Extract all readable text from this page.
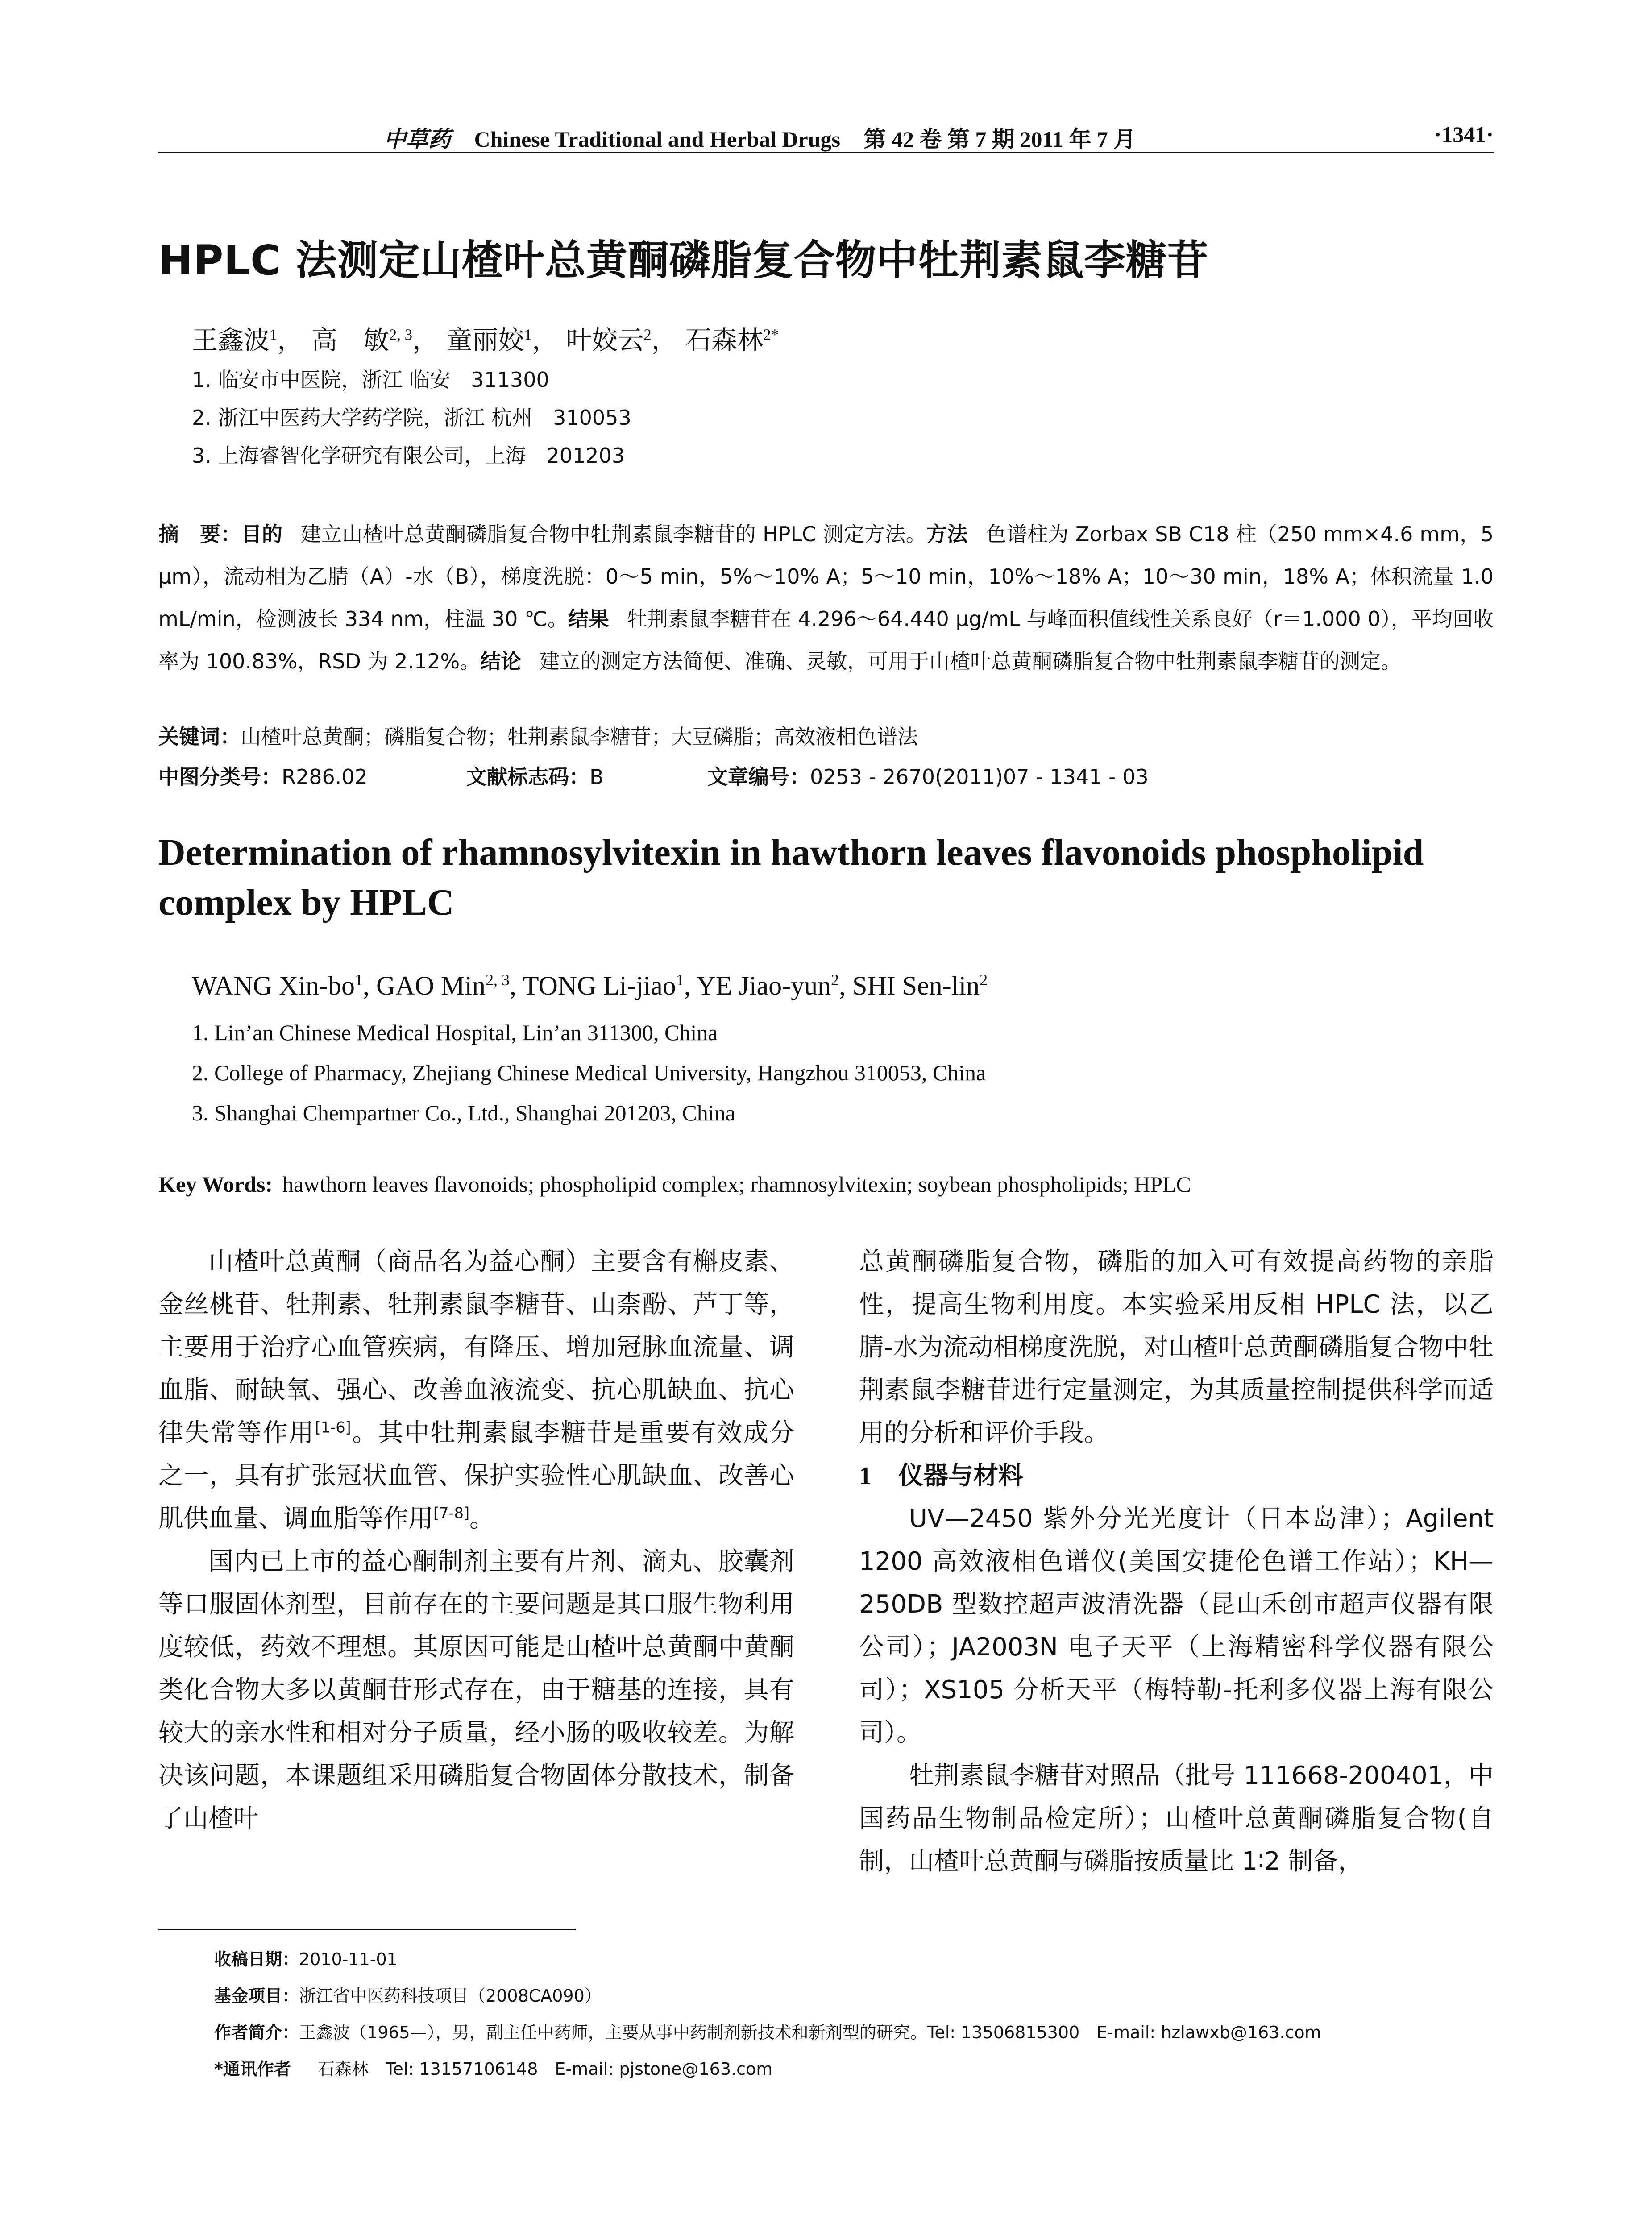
中草药 Chinese Traditional and Herbal Drugs 第 42 卷 第 7 期 2011 年 7 月	·1341·
HPLC 法测定山楂叶总黄酮磷脂复合物中牡荆素鼠李糖苷
王鑫波$^1$， 高　敏$^{2, 3}$， 童丽姣$^1$， 叶姣云$^2$， 石森林$^{2*}$
1. 临安市中医院，浙江 临安　311300
2. 浙江中医药大学药学院，浙江 杭州　310053
3. 上海睿智化学研究有限公司，上海　201203
摘　要：目的 建立山楂叶总黄酮磷脂复合物中牡荆素鼠李糖苷的 HPLC 测定方法。方法 色谱柱为 Zorbax SB C18 柱（250 mm×4.6 mm，5 μm），流动相为乙腈（A）-水（B），梯度洗脱：0～5 min，5%～10% A；5～10 min，10%～18% A；10～30 min，18% A；体积流量 1.0 mL/min，检测波长 334 nm，柱温 30 ℃。结果 牡荆素鼠李糖苷在 4.296～64.440 μg/mL 与峰面积值线性关系良好（r＝1.000 0），平均回收率为 100.83%，RSD 为 2.12%。结论 建立的测定方法简便、准确、灵敏，可用于山楂叶总黄酮磷脂复合物中牡荆素鼠李糖苷的测定。
关键词：山楂叶总黄酮；磷脂复合物；牡荆素鼠李糖苷；大豆磷脂；高效液相色谱法
中图分类号：R286.02	文献标志码：B	文章编号：0253 - 2670(2011)07 - 1341 - 03
Determination of rhamnosylvitexin in hawthorn leaves flavonoids phospholipid complex by HPLC
WANG Xin-$bo^1$, GAO Min$^{2, 3}$, TONG Li-jiao$^1$, YE Jiao-yun$^2$, SHI Sen-lin$^2$
1. Lin’an Chinese Medical Hospital, Lin’an 311300, China
2. College of Pharmacy, Zhejiang Chinese Medical University, Hangzhou 310053, China
3. Shanghai Chempartner Co., Ltd., Shanghai 201203, China
Key Words: hawthorn leaves flavonoids; phospholipid complex; rhamnosylvitexin; soybean phospholipids; HPLC

山楂叶总黄酮（商品名为益心酮）主要含有槲皮素、金丝桃苷、牡荆素、牡荆素鼠李糖苷、山柰酚、芦丁等，主要用于治疗心血管疾病，有降压、增加冠脉血流量、调血脂、耐缺氧、强心、改善血液流变、抗心肌缺血、抗心律失常等作用[1-6]。其中牡荆素鼠李糖苷是重要有效成分之一，具有扩张冠状血管、保护实验性心肌缺血、改善心肌供血量、调血脂等作用[7-8]。

国内已上市的益心酮制剂主要有片剂、滴丸、胶囊剂等口服固体剂型，目前存在的主要问题是其口服生物利用度较低，药效不理想。其原因可能是山楂叶总黄酮中黄酮类化合物大多以黄酮苷形式存在，由于糖基的连接，具有较大的亲水性和相对分子质量，经小肠的吸收较差。为解决该问题，本课题组采用磷脂复合物固体分散技术，制备了山楂叶

总黄酮磷脂复合物，磷脂的加入可有效提高药物的亲脂性，提高生物利用度。本实验采用反相 HPLC 法，以乙腈-水为流动相梯度洗脱，对山楂叶总黄酮磷脂复合物中牡荆素鼠李糖苷进行定量测定，为其质量控制提供科学而适用的分析和评价手段。

1 仪器与材料

UV—2450 紫外分光光度计（日本岛津）；Agilent 1200 高效液相色谱仪(美国安捷伦色谱工作站）；KH—250DB 型数控超声波清洗器（昆山禾创市超声仪器有限公司）；JA2003N 电子天平（上海精密科学仪器有限公司）；XS105 分析天平（梅特勒-托利多仪器上海有限公司）。

牡荆素鼠李糖苷对照品（批号 111668-200401，中国药品生物制品检定所）；山楂叶总黄酮磷脂复合物(自制，山楂叶总黄酮与磷脂按质量比 1∶2 制备，

收稿日期：2010-11-01
基金项目：浙江省中医药科技项目（2008CA090）
作者简介：王鑫波（1965—），男，副主任中药师，主要从事中药制剂新技术和新剂型的研究。Tel: 13506815300　E-mail: hzlawxb@163.com
*通讯作者 石森林　Tel: 13157106148　E-mail: pjstone@163.com
